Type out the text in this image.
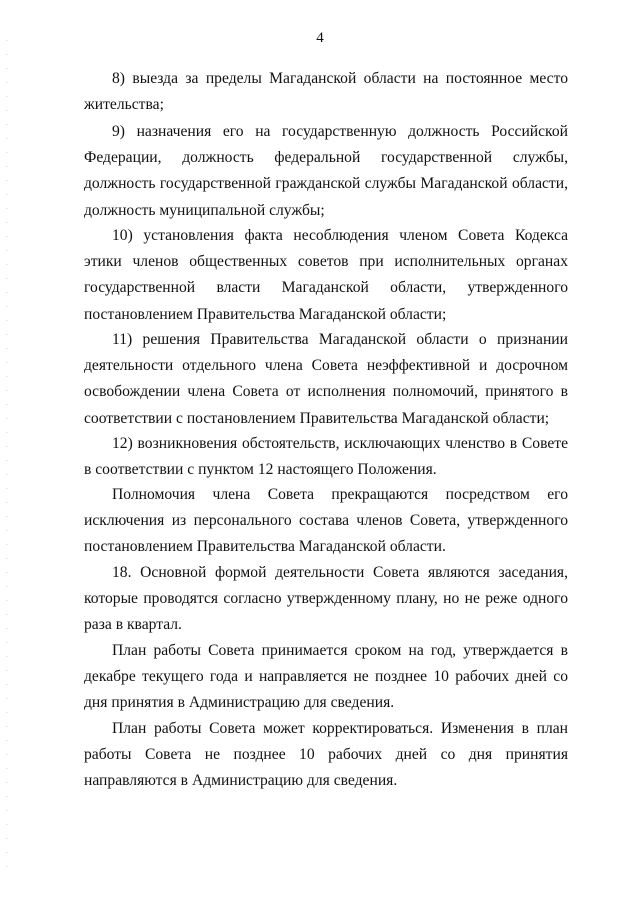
4

8) выезда за пределы Магаданской области на постоянное место жительства;

9) назначения его на государственную должность Российской Федерации, должность федеральной государственной службы, должность государственной гражданской службы Магаданской области, должность муниципальной службы;

10) установления факта несоблюдения членом Совета Кодекса этики членов общественных советов при исполнительных органах государственной власти Магаданской области, утвержденного постановлением Правительства Магаданской области;

11) решения Правительства Магаданской области о признании деятельности отдельного члена Совета неэффективной и досрочном освобождении члена Совета от исполнения полномочий, принятого в соответствии с постановлением Правительства Магаданской области;

12) возникновения обстоятельств, исключающих членство в Совете в соответствии с пунктом 12 настоящего Положения.

Полномочия члена Совета прекращаются посредством его исключения из персонального состава членов Совета, утвержденного постановлением Правительства Магаданской области.

18. Основной формой деятельности Совета являются заседания, которые проводятся согласно утвержденному плану, но не реже одного раза в квартал.

План работы Совета принимается сроком на год, утверждается в декабре текущего года и направляется не позднее 10 рабочих дней со дня принятия в Администрацию для сведения.

План работы Совета может корректироваться. Изменения в план работы Совета не позднее 10 рабочих дней со дня принятия направляются в Администрацию для сведения.
